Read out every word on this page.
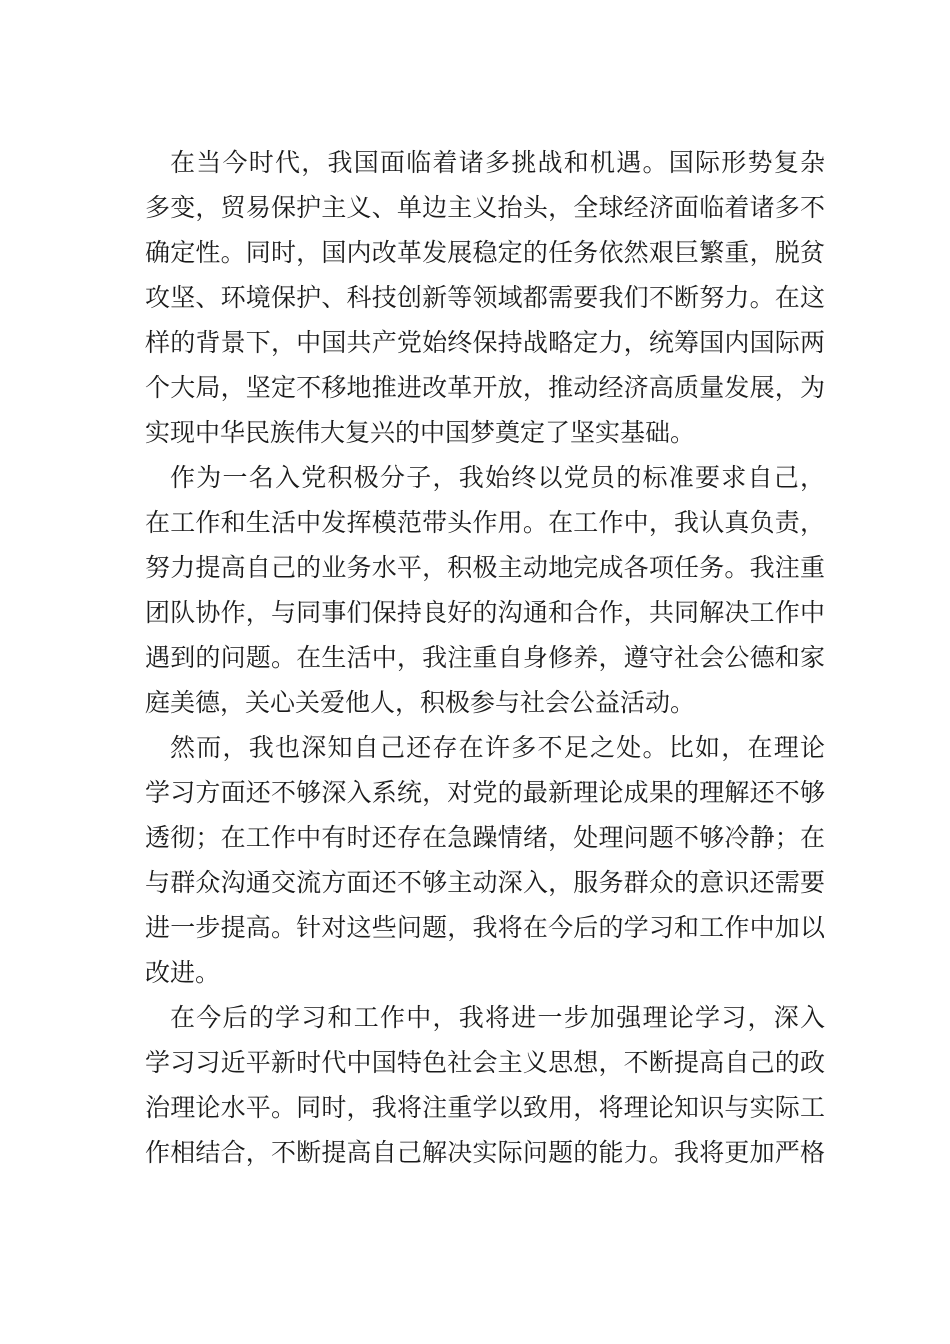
在当今时代，我国面临着诸多挑战和机遇。国际形势复杂
多变，贸易保护主义、单边主义抬头，全球经济面临着诸多不
确定性。同时，国内改革发展稳定的任务依然艰巨繁重，脱贫
攻坚、环境保护、科技创新等领域都需要我们不断努力。在这
样的背景下，中国共产党始终保持战略定力，统筹国内国际两
个大局，坚定不移地推进改革开放，推动经济高质量发展，为
实现中华民族伟大复兴的中国梦奠定了坚实基础。
作为一名入党积极分子，我始终以党员的标准要求自己，
在工作和生活中发挥模范带头作用。在工作中，我认真负责，
努力提高自己的业务水平，积极主动地完成各项任务。我注重
团队协作，与同事们保持良好的沟通和合作，共同解决工作中
遇到的问题。在生活中，我注重自身修养，遵守社会公德和家
庭美德，关心关爱他人，积极参与社会公益活动。
然而，我也深知自己还存在许多不足之处。比如，在理论
学习方面还不够深入系统，对党的最新理论成果的理解还不够
透彻；在工作中有时还存在急躁情绪，处理问题不够冷静；在
与群众沟通交流方面还不够主动深入，服务群众的意识还需要
进一步提高。针对这些问题，我将在今后的学习和工作中加以
改进。
在今后的学习和工作中，我将进一步加强理论学习，深入
学习习近平新时代中国特色社会主义思想，不断提高自己的政
治理论水平。同时，我将注重学以致用，将理论知识与实际工
作相结合，不断提高自己解决实际问题的能力。我将更加严格
